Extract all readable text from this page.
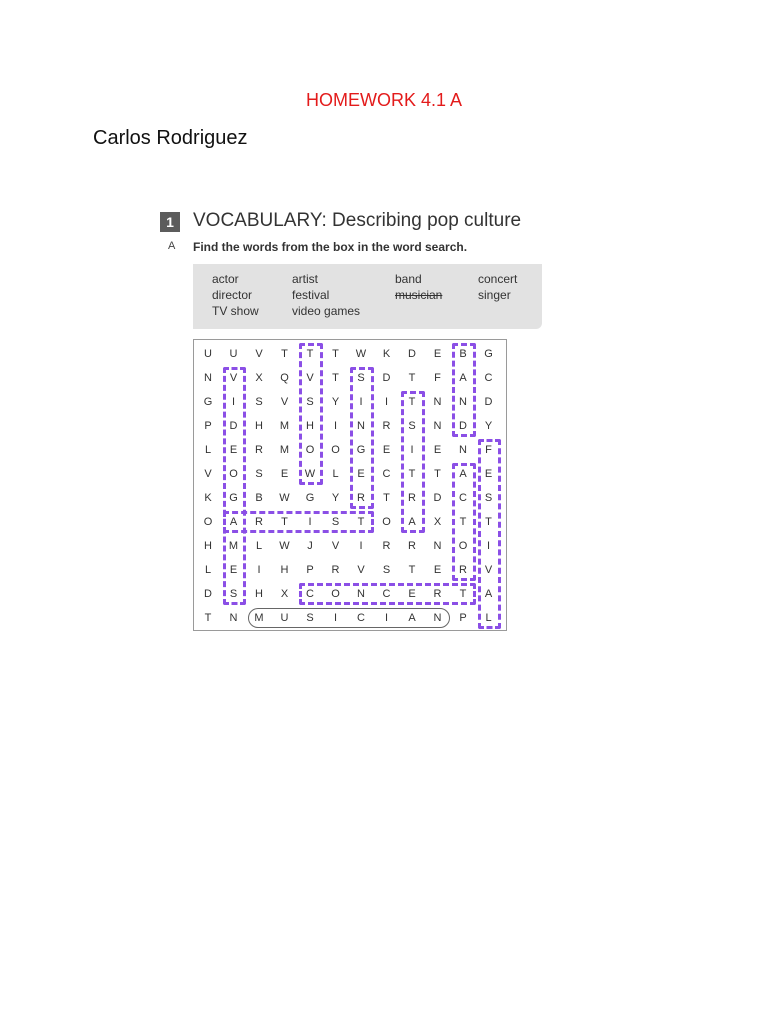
HOMEWORK 4.1 A
Carlos Rodriguez
1	VOCABULARY: Describing pop culture
A Find the words from the box in the word search.
actor	artist	band	concert
director	festival	musician	singer
TV show	video games
U	U	V	T	T	T	W	K	D	E	B	G
N	V	X	Q	V	T	S	D	T	F	A	C
G	I	S	V	S	Y	I	I	T	N	N	D
P	D	H	M	H	I	N	R	S	N	D	Y
L	E	R	M	O	O	G	E	I	E	N	F
V	O	S	E	W	L	E	C	T	T	A	E
K	G	B	W	G	Y	R	T	R	D	C	S
O	A	R	T	I	S	T	O	A	X	T	T
H	M	L	W	J	V	I	R	R	N	O	I
L	E	I	H	P	R	V	S	T	E	R	V
D	S	H	X	C	O	N	C	E	R	T	A
T	N	M	U	S	I	C	I	A	N	P	L
